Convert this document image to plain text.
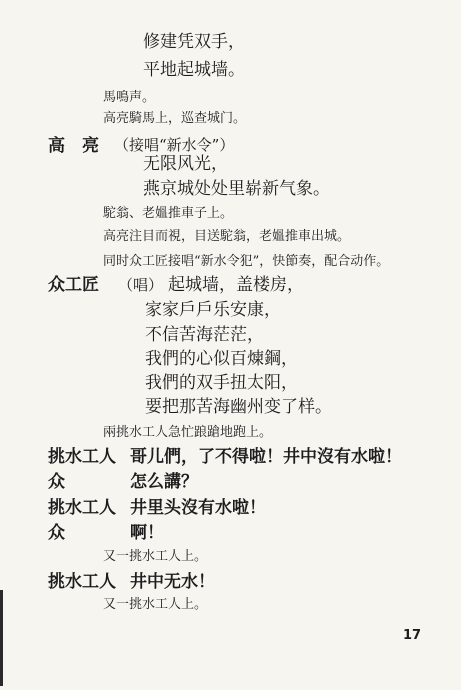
修建凭双手，
平地起城墙。
馬鳴声。
高亮騎馬上，巡查城门。
高　亮 （接唱“新水令”）
无限风光，
燕京城处处里崭新气象。
駝翁、老媼推車子上。
高亮注目而視，目送駝翁，老媼推車出城。
同时众工匠接唱“新水令犯”，快節奏，配合动作。
众工匠 （唱） 起城墙，盖楼房，
家家戶戶乐安康，
不信苦海茫茫，
我們的心似百煉鋼，
我們的双手扭太阳，
要把那苦海幽州变了样。
兩挑水工人急忙踉蹌地跑上。
挑水工人 哥儿們，了不得啦！井中沒有水啦！
众	怎么講？
挑水工人 井里头沒有水啦！
众	啊！
又一挑水工人上。
挑水工人 井中无水！
又一挑水工人上。
17
